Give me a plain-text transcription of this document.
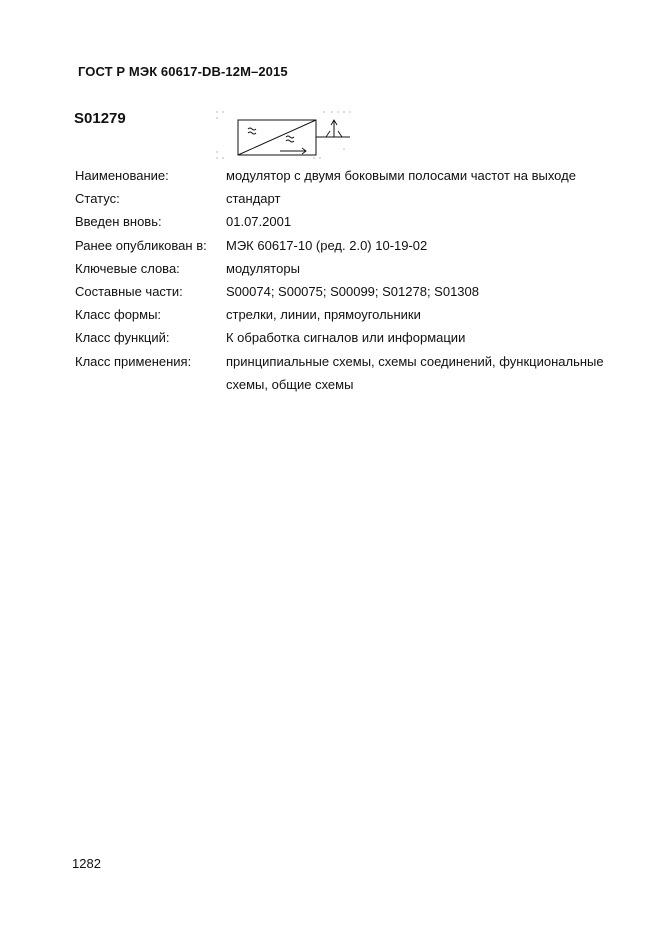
ГОСТ Р МЭК 60617-DB-12M–2015
S01279
Наименование:	модулятор с двумя боковыми полосами частот на выходе
Статус:	стандарт
Введен вновь:	01.07.2001
Ранее опубликован в:	МЭК 60617-10 (ред. 2.0) 10-19-02
Ключевые слова:	модуляторы
Составные части:	S00074; S00075; S00099; S01278; S01308
Класс формы:	стрелки, линии, прямоугольники
Класс функций:	К обработка сигналов или информации
Класс применения:	принципиальные схемы, схемы соединений, функциональные
схемы, общие схемы
1282
